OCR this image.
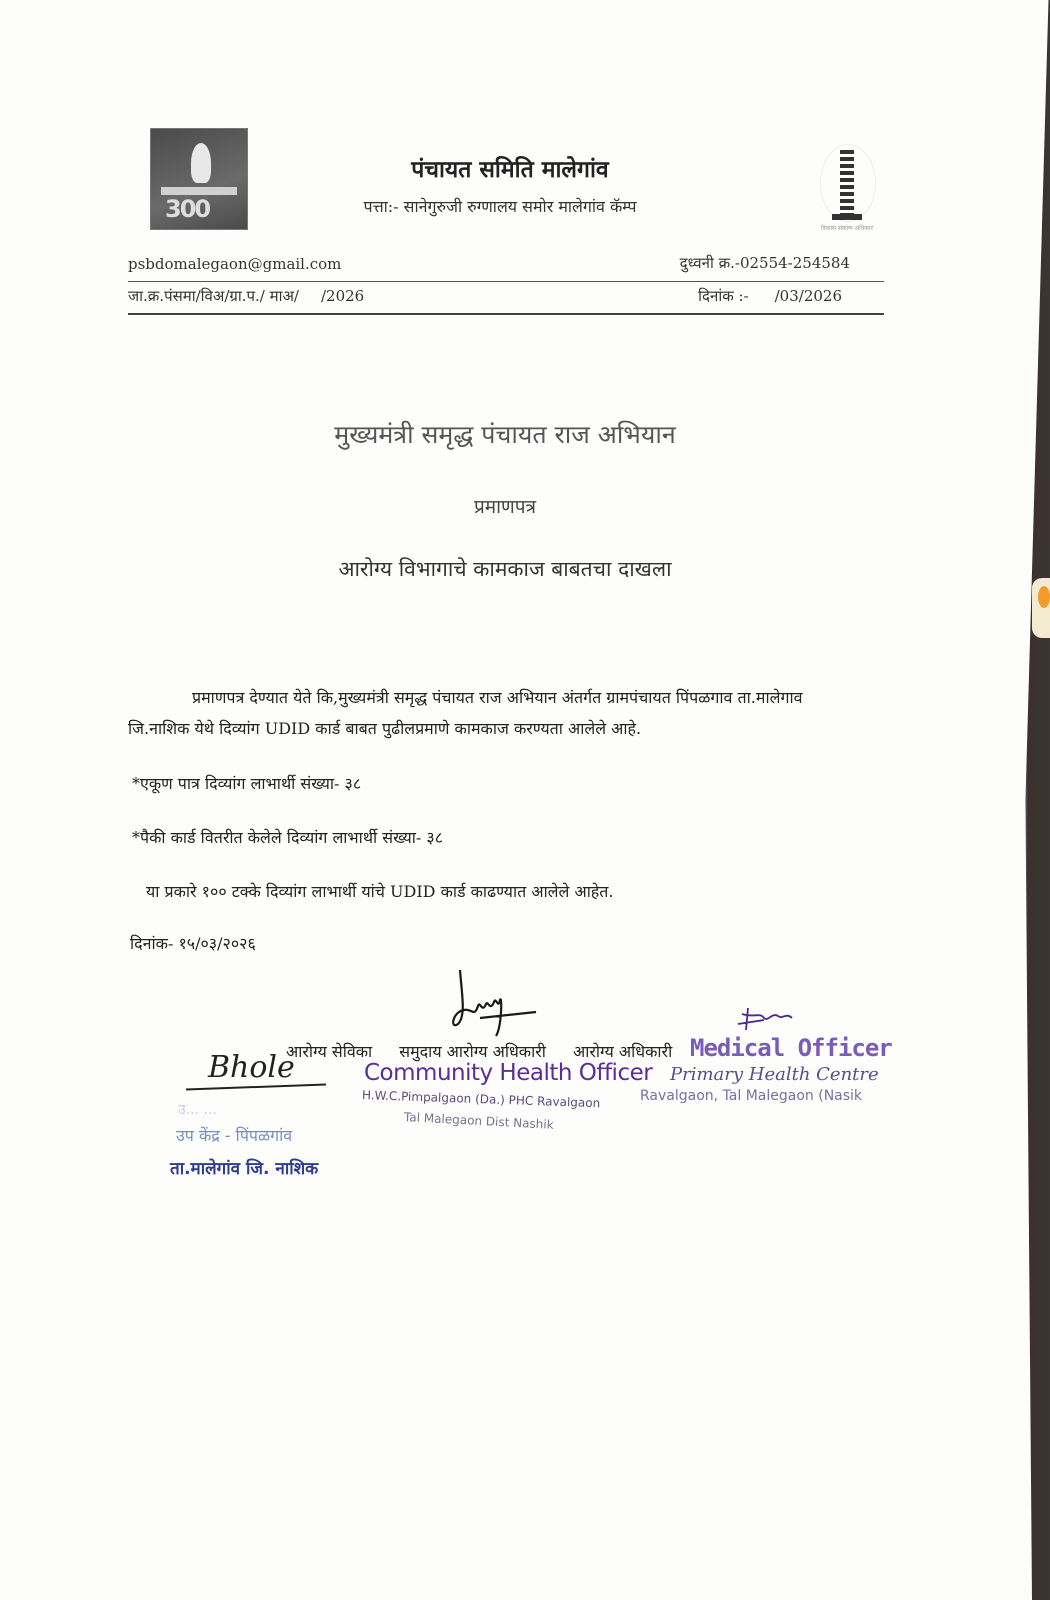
300
विकास संकल्प अधिकार
पंचायत समिति मालेगांव
पत्ता:- सानेगुरुजी रुग्णालय समोर मालेगांव कॅम्प
psbdomalegaon@gmail.com	दुध्वनी क्र.-02554-254584
जा.क्र.पंसमा/विअ/ग्रा.प./ माअ/ /2026	दिनांक :- /03/2026
मुख्यमंत्री समृद्ध पंचायत राज अभियान
प्रमाणपत्र
आरोग्य विभागाचे कामकाज बाबतचा दाखला
प्रमाणपत्र देण्यात येते कि,मुख्यमंत्री समृद्ध पंचायत राज अभियान अंतर्गत ग्रामपंचायत पिंपळगाव ता.मालेगाव जि.नाशिक येथे दिव्यांग UDID कार्ड बाबत पुढीलप्रमाणे कामकाज करण्यता आलेले आहे.
*एकूण पात्र दिव्यांग लाभार्थी संख्या- ३८
*पैकी कार्ड वितरीत केलेले दिव्यांग लाभार्थी संख्या- ३८
या प्रकारे १०० टक्के दिव्यांग लाभार्थी यांचे UDID कार्ड काढण्यात आलेले आहेत.
दिनांक- १५/०३/२०२६
आरोग्य सेविका समुदाय आरोग्य अधिकारी आरोग्य अधिकारी
Bhole	Community Health Officer
H.W.C.Pimpalgaon (Da.) PHC Ravalgaon
Tal Malegaon Dist Nashik
Medical Officer
Primary Health Centre
Ravalgaon, Tal Malegaon (Nasik
उ... ...
उप केंद्र - पिंपळगांव
ता.मालेगांव जि. नाशिक
